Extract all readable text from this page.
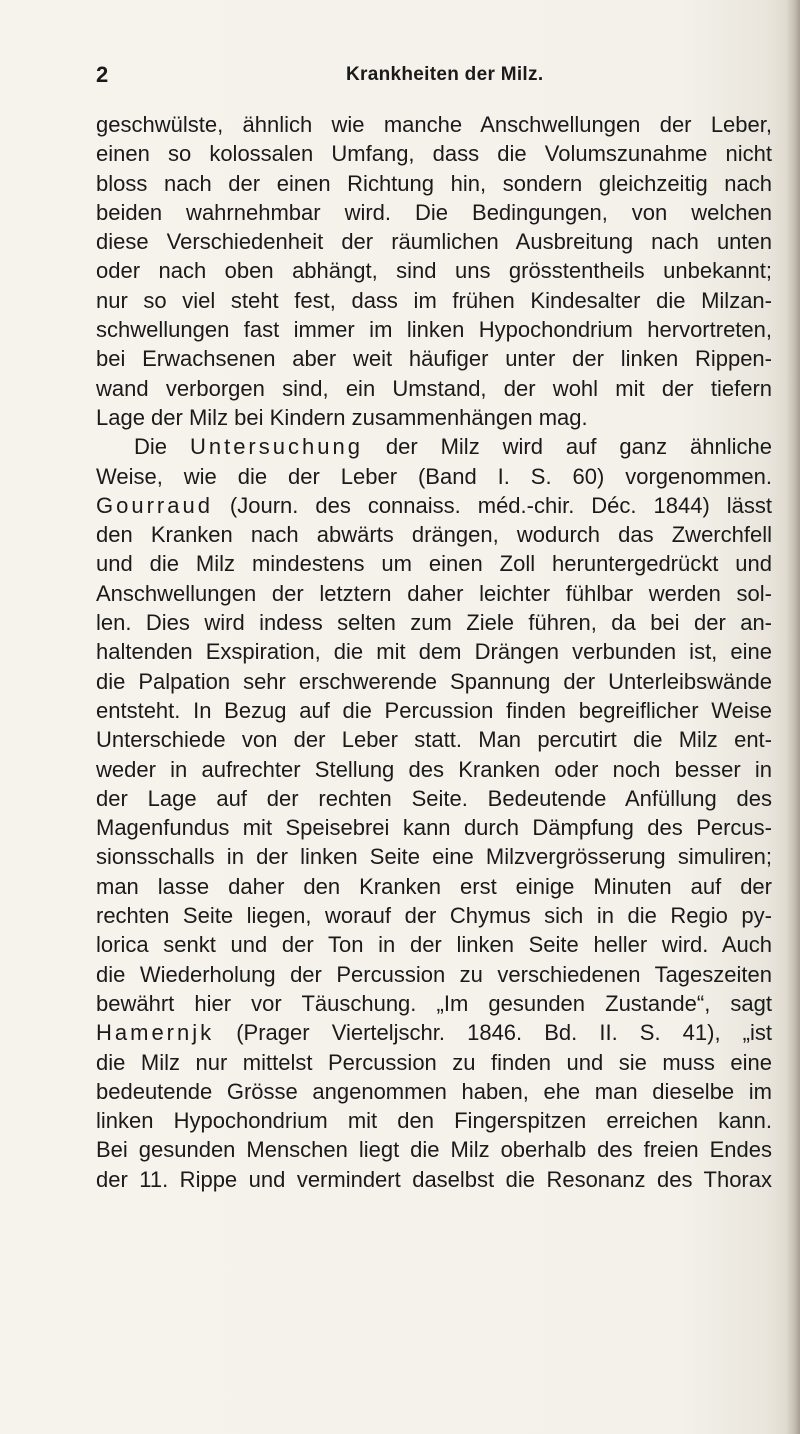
2	Krankheiten der Milz.
geschwülste, ähnlich wie manche Anschwellungen der Leber,
einen so kolossalen Umfang, dass die Volumszunahme nicht
bloss nach der einen Richtung hin, sondern gleichzeitig nach
beiden wahrnehmbar wird. Die Bedingungen, von welchen
diese Verschiedenheit der räumlichen Ausbreitung nach unten
oder nach oben abhängt, sind uns grösstentheils unbekannt;
nur so viel steht fest, dass im frühen Kindesalter die Milzan-
schwellungen fast immer im linken Hypochondrium hervortreten,
bei Erwachsenen aber weit häufiger unter der linken Rippen-
wand verborgen sind, ein Umstand, der wohl mit der tiefern
Lage der Milz bei Kindern zusammenhängen mag.
Die Untersuchung der Milz wird auf ganz ähnliche
Weise, wie die der Leber (Band I. S. 60) vorgenommen.
Gourraud (Journ. des connaiss. méd.-chir. Déc. 1844) lässt
den Kranken nach abwärts drängen, wodurch das Zwerchfell
und die Milz mindestens um einen Zoll heruntergedrückt und
Anschwellungen der letztern daher leichter fühlbar werden sol-
len. Dies wird indess selten zum Ziele führen, da bei der an-
haltenden Exspiration, die mit dem Drängen verbunden ist, eine
die Palpation sehr erschwerende Spannung der Unterleibswände
entsteht. In Bezug auf die Percussion finden begreiflicher Weise
Unterschiede von der Leber statt. Man percutirt die Milz ent-
weder in aufrechter Stellung des Kranken oder noch besser in
der Lage auf der rechten Seite. Bedeutende Anfüllung des
Magenfundus mit Speisebrei kann durch Dämpfung des Percus-
sionsschalls in der linken Seite eine Milzvergrösserung simuliren;
man lasse daher den Kranken erst einige Minuten auf der
rechten Seite liegen, worauf der Chymus sich in die Regio py-
lorica senkt und der Ton in der linken Seite heller wird. Auch
die Wiederholung der Percussion zu verschiedenen Tageszeiten
bewährt hier vor Täuschung. „Im gesunden Zustande“, sagt
Hamernjk (Prager Vierteljschr. 1846. Bd. II. S. 41), „ist
die Milz nur mittelst Percussion zu finden und sie muss eine
bedeutende Grösse angenommen haben, ehe man dieselbe im
linken Hypochondrium mit den Fingerspitzen erreichen kann.
Bei gesunden Menschen liegt die Milz oberhalb des freien Endes
der 11. Rippe und vermindert daselbst die Resonanz des Thorax
